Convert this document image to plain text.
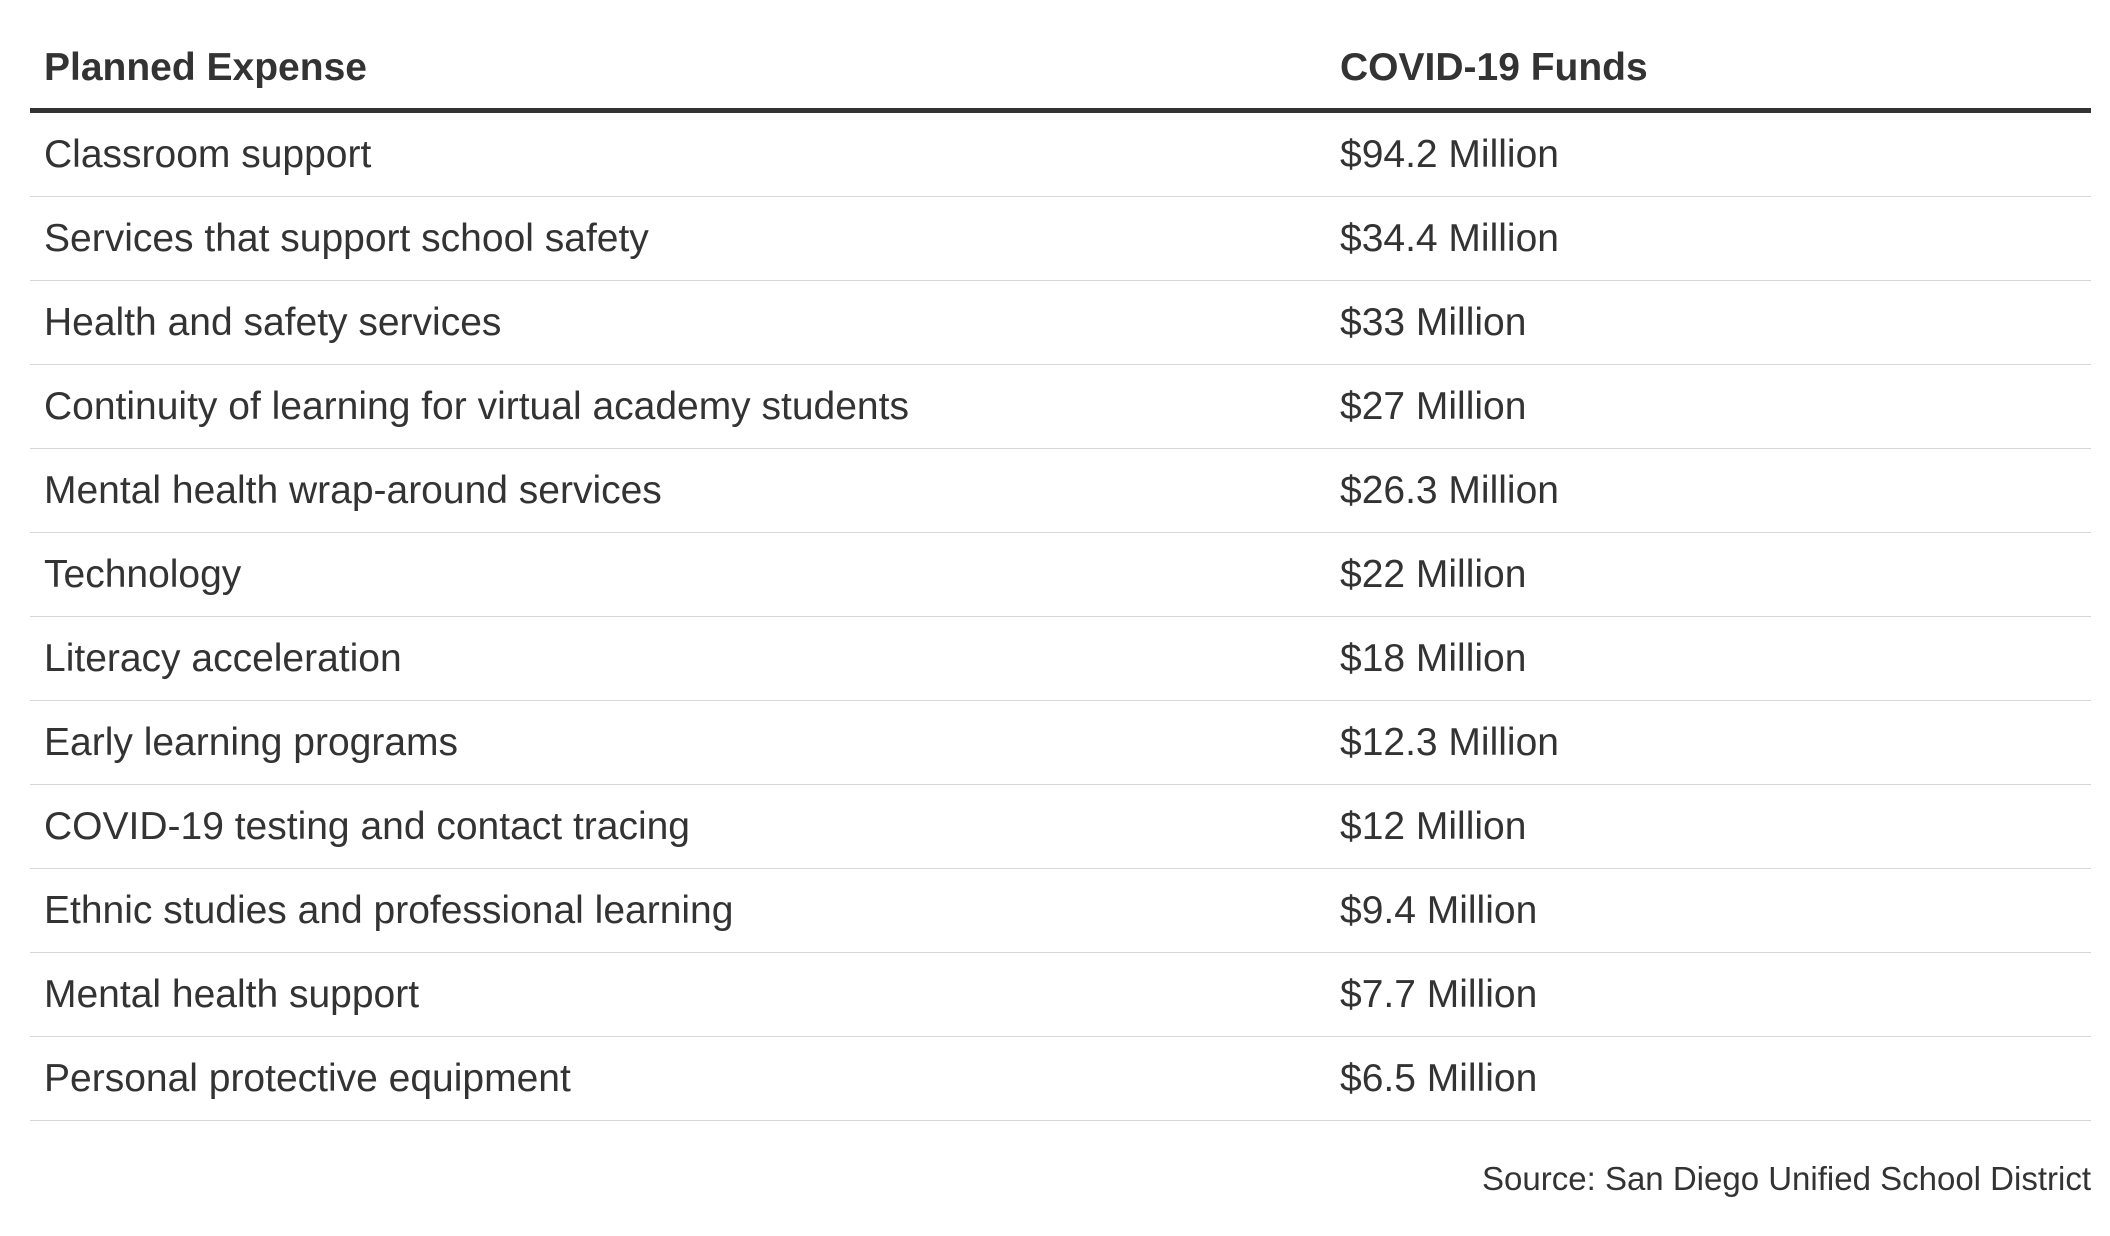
Planned Expense	COVID-19 Funds
Classroom support	$94.2 Million
Services that support school safety	$34.4 Million
Health and safety services	$33 Million
Continuity of learning for virtual academy students	$27 Million
Mental health wrap-around services	$26.3 Million
Technology	$22 Million
Literacy acceleration	$18 Million
Early learning programs	$12.3 Million
COVID-19 testing and contact tracing	$12 Million
Ethnic studies and professional learning	$9.4 Million
Mental health support	$7.7 Million
Personal protective equipment	$6.5 Million
Source: San Diego Unified School District
